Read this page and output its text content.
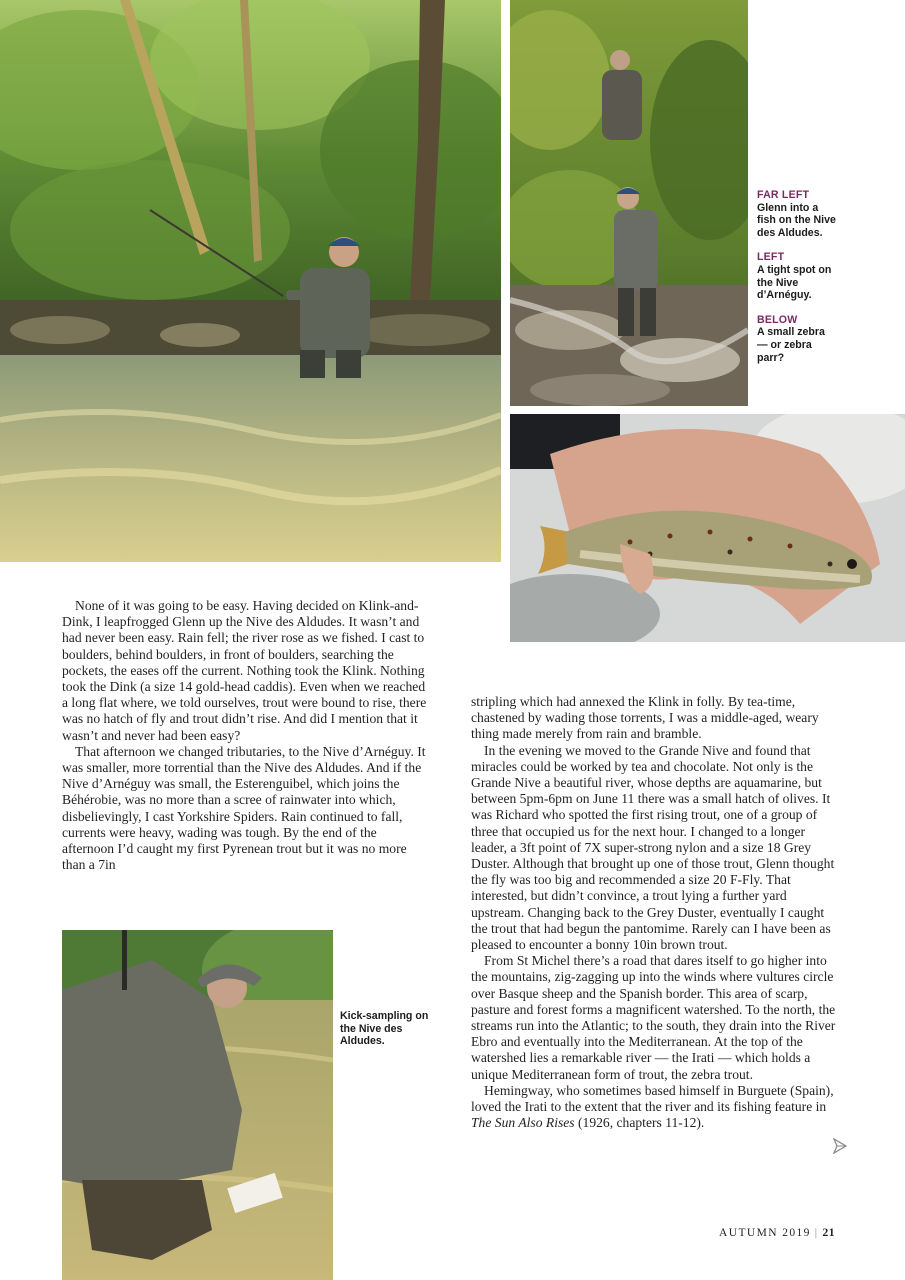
FAR LEFT
Glenn into a fish on the Nive des Aldudes.
LEFT
A tight spot on the Nive d’Arnéguy.
BELOW
A small zebra — or zebra parr?
Kick-sampling on the Nive des Aldudes.

None of it was going to be easy. Having decided on Klink-and-Dink, I leapfrogged Glenn up the Nive des Aldudes. It wasn’t and had never been easy. Rain fell; the river rose as we fished. I cast to boulders, behind boulders, in front of boulders, searching the pockets, the eases off the current. Nothing took the Klink. Nothing took the Dink (a size 14 gold-head caddis). Even when we reached a long flat where, we told ourselves, trout were bound to rise, there was no hatch of fly and trout didn’t rise. And did I mention that it wasn’t and never had been easy?

That afternoon we changed tributaries, to the Nive d’Arnéguy. It was smaller, more torrential than the Nive des Aldudes. And if the Nive d’Arnéguy was small, the Esterenguibel, which joins the Béhérobie, was no more than a scree of rainwater into which, disbelievingly, I cast Yorkshire Spiders. Rain continued to fall, currents were heavy, wading was tough. By the end of the afternoon I’d caught my first Pyrenean trout but it was no more than a 7in

stripling which had annexed the Klink in folly. By tea-time, chastened by wading those torrents, I was a middle-aged, weary thing made merely from rain and bramble.

In the evening we moved to the Grande Nive and found that miracles could be worked by tea and chocolate. Not only is the Grande Nive a beautiful river, whose depths are aquamarine, but between 5pm-6pm on June 11 there was a small hatch of olives. It was Richard who spotted the first rising trout, one of a group of three that occupied us for the next hour. I changed to a longer leader, a 3ft point of 7X super-strong nylon and a size 18 Grey Duster. Although that brought up one of those trout, Glenn thought the fly was too big and recommended a size 20 F-Fly. That interested, but didn’t convince, a trout lying a further yard upstream. Changing back to the Grey Duster, eventually I caught the trout that had begun the pantomime. Rarely can I have been as pleased to encounter a bonny 10in brown trout.

From St Michel there’s a road that dares itself to go higher into the mountains, zig-zagging up into the winds where vultures circle over Basque sheep and the Spanish border. This area of scarp, pasture and forest forms a magnificent watershed. To the north, the streams run into the Atlantic; to the south, they drain into the River Ebro and eventually into the Mediterranean. At the top of the watershed lies a remarkable river — the Irati — which holds a unique Mediterranean form of trout, the zebra trout.

Hemingway, who sometimes based himself in Burguete (Spain), loved the Irati to the extent that the river and its fishing feature in The Sun Also Rises (1926, chapters 11-12).

AUTUMN 2019 | 21
